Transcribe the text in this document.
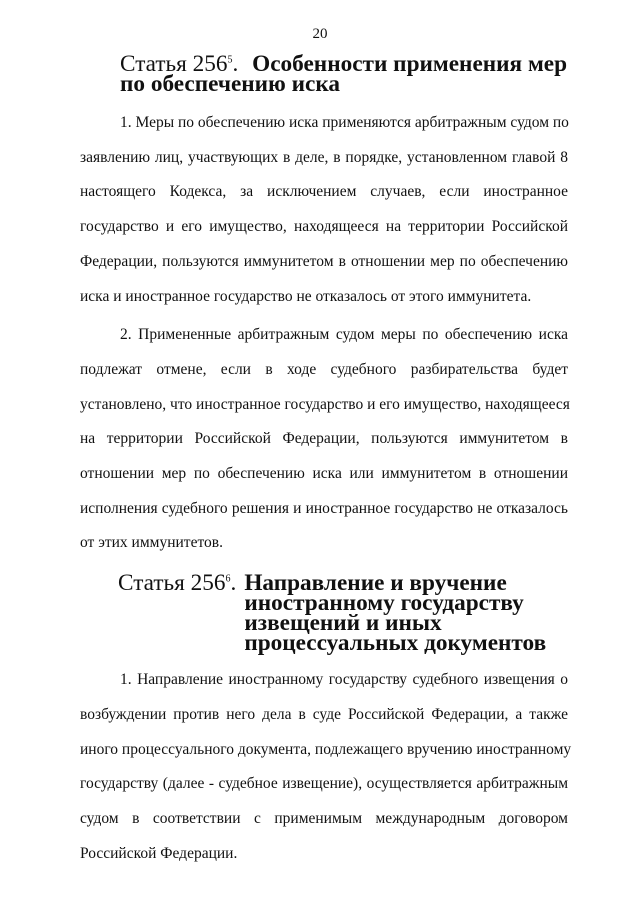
20
Статья $256^5$. Особенности применения мер по обеспечению иска

1. Меры по обеспечению иска применяются арбитражным судом по
заявлению лиц, участвующих в деле, в порядке, установленном главой 8
настоящего Кодекса, за исключением случаев, если иностранное
государство и его имущество, находящееся на территории Российской
Федерации, пользуются иммунитетом в отношении мер по обеспечению
иска и иностранное государство не отказалось от этого иммунитета.

2. Примененные арбитражным судом меры по обеспечению иска
подлежат отмене, если в ходе судебного разбирательства будет
установлено, что иностранное государство и его имущество, находящееся
на территории Российской Федерации, пользуются иммунитетом в
отношении мер по обеспечению иска или иммунитетом в отношении
исполнения судебного решения и иностранное государство не отказалось
от этих иммунитетов.

Статья $256^6$. Направление и вручение иностранному государству
извещений и иных процессуальных документов

1. Направление иностранному государству судебного извещения о
возбуждении против него дела в суде Российской Федерации, а также
иного процессуального документа, подлежащего вручению иностранному
государству (далее - судебное извещение), осуществляется арбитражным
судом в соответствии с применимым международным договором
Российской Федерации.
